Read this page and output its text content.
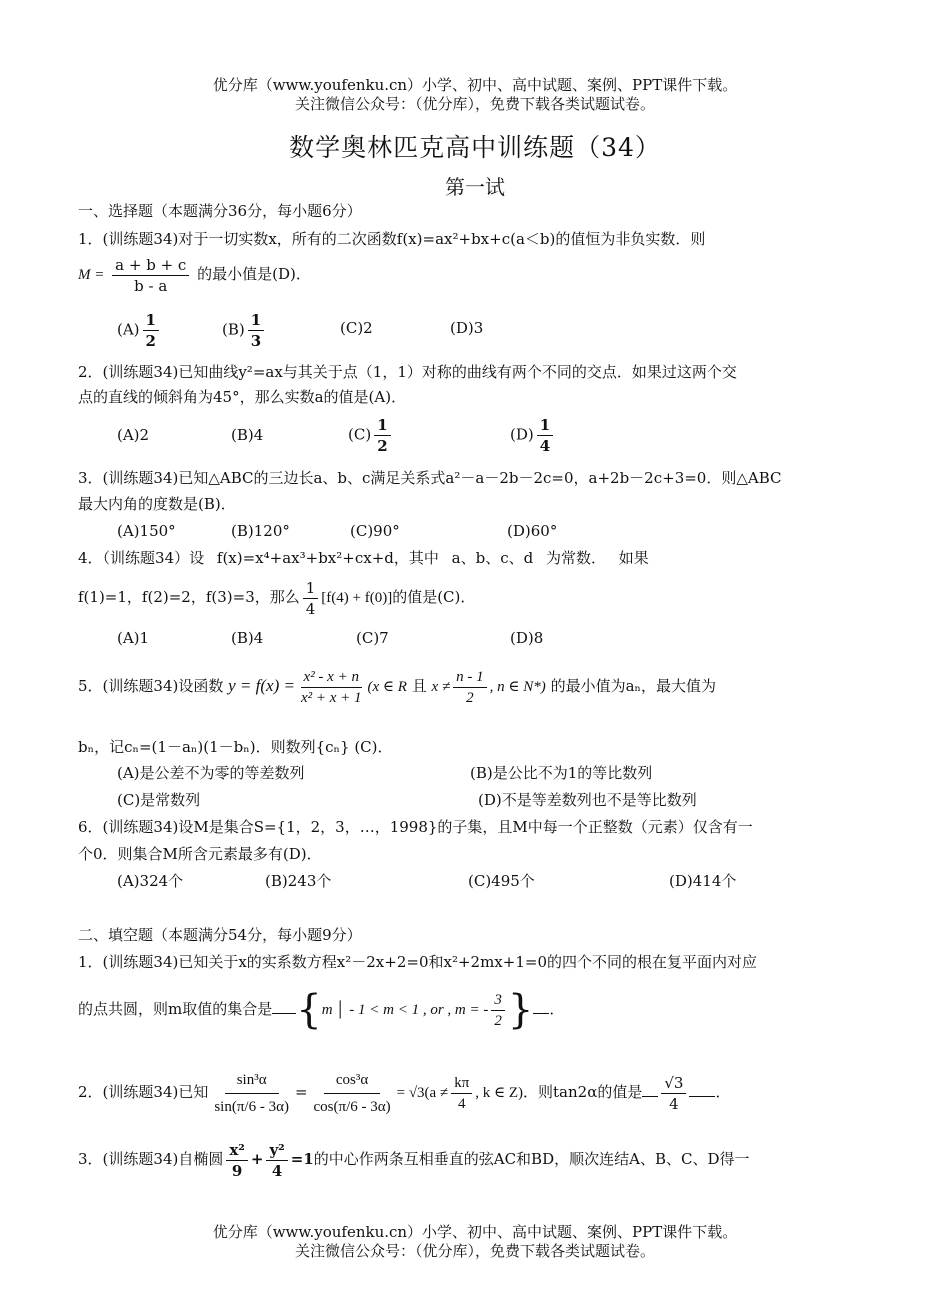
优分库（www.youfenku.cn）小学、初中、高中试题、案例、PPT课件下载。
关注微信公众号：（优分库），免费下载各类试题试卷。
数学奥林匹克高中训练题（34）
第一试
一、选择题（本题满分36分，每小题6分）
1．(训练题34)对于一切实数x，所有的二次函数f(x)=ax²+bx+c(a＜b)的值恒为非负实数．则
$M = \frac{a + b + c}{b - a}$ 的最小值是(D)．
$(A) \frac{1}{2}$	$(B) \frac{1}{3}$	(C)2	(D)3
2．(训练题34)已知曲线y²=ax与其关于点（1，1）对称的曲线有两个不同的交点．如果过这两个交
点的直线的倾斜角为45°，那么实数a的值是(A)．
(A)2	(B)4	$(C) \frac{1}{2}$	$(D) \frac{1}{4}$
3．(训练题34)已知△ABC的三边长a、b、c满足关系式a²－a－2b－2c=0，a+2b－2c+3=0．则△ABC
最大内角的度数是(B)．
(A)150°	(B)120°	(C)90°	(D)60°
4．（训练题34）设 f(x)=x⁴+ax³+bx²+cx+d，其中 a、b、c、d 为常数． 如果
f(1)=1，f(2)=2，f(3)=3，那么 $\frac{1}{4} [f(4) + f(0)]$的值是(C)．
(A)1	(B)4	(C)7	(D)8
5．(训练题34)设函数 $y = f(x) = \frac{\text{x² - x + n}}{\text{x² + x + 1}} (x$ ∈ R 且 $x \ne \frac{n - 1}{2}$ , n ∈ N*) 的最小值为aₙ，最大值为
bₙ，记cₙ=(1－aₙ)(1－bₙ)．则数列{cₙ} (C)．
(A)是公差不为零的等差数列	(B)是公比不为1的等比数列
(C)是常数列	(D)不是等差数列也不是等比数列
6．(训练题34)设M是集合S={1，2，3，…，1998}的子集，且M中每一个正整数（元素）仅含有一
个0．则集合M所含元素最多有(D)．
(A)324个	(B)243个	(C)495个	(D)414个
二、填空题（本题满分54分，每小题9分）
1．(训练题34)已知关于x的实系数方程x²－2x+2=0和x²+2mx+1=0的四个不同的根在复平面内对应
的点共圆，则m取值的集合是 {m │ - 1 < m < 1 , or , m = - $\frac{3}{2}$ } ．
2．(训练题34)已知 $\frac{\text{sin³α}}{\sin(\pi/6 - 3\alpha)} = \frac{\text{cos³α}}{\cos(\pi/6 - 3\alpha)} = √3(a \ne \frac{k\pi}{4}$ , k ∈ Z)．则tan2α的值是 $\frac{√3}{4}$ ．
3．(训练题34)自椭圆 $\frac{\text{x²}}{9} + \frac{\text{y²}}{4} =1$的中心作两条互相垂直的弦AC和BD，顺次连结A、B、C、D得一
优分库（www.youfenku.cn）小学、初中、高中试题、案例、PPT课件下载。
关注微信公众号：（优分库），免费下载各类试题试卷。
